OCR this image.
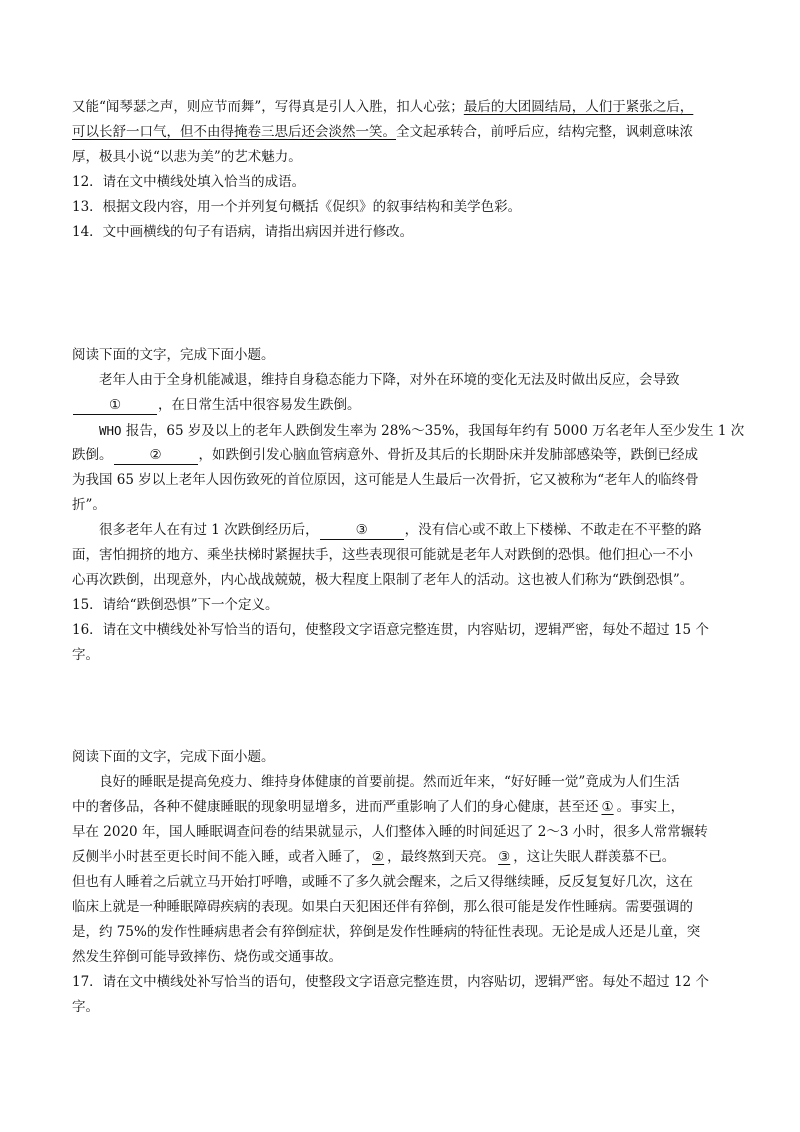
又能“闻琴瑟之声，则应节而舞”，写得真是引人入胜，扣人心弦；最后的大团圆结局，人们于紧张之后，
可以长舒一口气，但不由得掩卷三思后还会淡然一笑。全文起承转合，前呼后应，结构完整，讽刺意味浓
厚，极具小说“以悲为美”的艺术魅力。
12．请在文中横线处填入恰当的成语。
13．根据文段内容，用一个并列复句概括《促织》的叙事结构和美学色彩。
14．文中画横线的句子有语病，请指出病因并进行修改。
阅读下面的文字，完成下面小题。
老年人由于全身机能减退，维持自身稳态能力下降，对外在环境的变化无法及时做出反应，会导致
①	，在日常生活中很容易发生跌倒。
WHO 报告，65 岁及以上的老年人跌倒发生率为 28%～35%，我国每年约有 5000 万名老年人至少发生 1 次
跌倒。	②	，如跌倒引发心脑血管病意外、骨折及其后的长期卧床并发肺部感染等，跌倒已经成
为我国 65 岁以上老年人因伤致死的首位原因，这可能是人生最后一次骨折，它又被称为“老年人的临终骨
折”。
很多老年人在有过 1 次跌倒经历后，	③	，没有信心或不敢上下楼梯、不敢走在不平整的路
面，害怕拥挤的地方、乘坐扶梯时紧握扶手，这些表现很可能就是老年人对跌倒的恐惧。他们担心一不小
心再次跌倒，出现意外，内心战战兢兢，极大程度上限制了老年人的活动。这也被人们称为“跌倒恐惧”。
15．请给“跌倒恐惧”下一个定义。
16．请在文中横线处补写恰当的语句，使整段文字语意完整连贯，内容贴切，逻辑严密，每处不超过 15 个
字。
阅读下面的文字，完成下面小题。
良好的睡眠是提高免疫力、维持身体健康的首要前提。然而近年来，“好好睡一觉”竟成为人们生活
中的奢侈品，各种不健康睡眠的现象明显增多，进而严重影响了人们的身心健康，甚至还 ① 。事实上，
早在 2020 年，国人睡眠调查问卷的结果就显示，人们整体入睡的时间延迟了 2～3 小时，很多人常常辗转
反侧半小时甚至更长时间不能入睡，或者入睡了， ② ，最终熬到天亮。 ③ ，这让失眠人群羡慕不已。
但也有人睡着之后就立马开始打呼噜，或睡不了多久就会醒来，之后又得继续睡，反反复复好几次，这在
临床上就是一种睡眠障碍疾病的表现。如果白天犯困还伴有猝倒，那么很可能是发作性睡病。需要强调的
是，约 75%的发作性睡病患者会有猝倒症状，猝倒是发作性睡病的特征性表现。无论是成人还是儿童，突
然发生猝倒可能导致摔伤、烧伤或交通事故。
17．请在文中横线处补写恰当的语句，使整段文字语意完整连贯，内容贴切，逻辑严密。每处不超过 12 个
字。
